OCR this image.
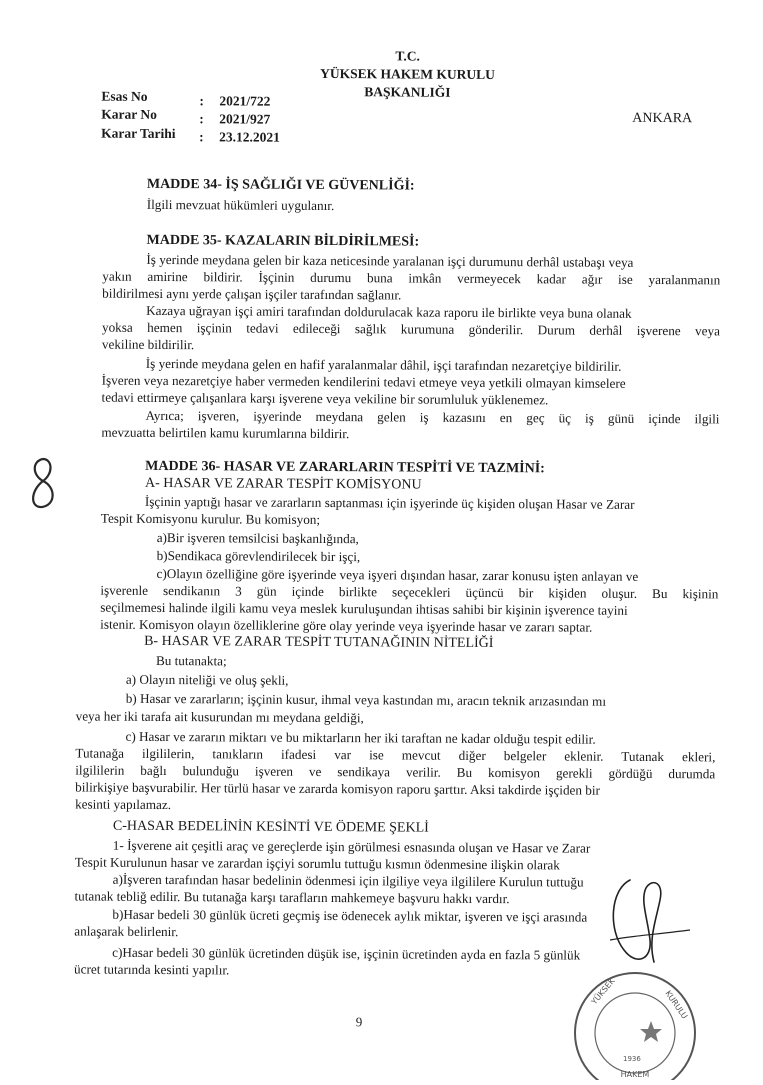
T.C.
YÜKSEK HAKEM KURULU
BAŞKANLIĞI
Esas No	: 2021/722
Karar No	: 2021/927
Karar Tarihi : 23.12.2021
ANKARA
MADDE 34- İŞ SAĞLIĞI VE GÜVENLİĞİ:
İlgili mevzuat hükümleri uygulanır.
MADDE 35- KAZALARIN BİLDİRİLMESİ:
İş yerinde meydana gelen bir kaza neticesinde yaralanan işçi durumunu derhâl ustabaşı veya
yakın amirine bildirir. İşçinin durumu buna imkân vermeyecek kadar ağır ise yaralanmanın
bildirilmesi aynı yerde çalışan işçiler tarafından sağlanır.
Kazaya uğrayan işçi amiri tarafından doldurulacak kaza raporu ile birlikte veya buna olanak
yoksa hemen işçinin tedavi edileceği sağlık kurumuna gönderilir. Durum derhâl işverene veya
vekiline bildirilir.
İş yerinde meydana gelen en hafif yaralanmalar dâhil, işçi tarafından nezaretçiye bildirilir.
İşveren veya nezaretçiye haber vermeden kendilerini tedavi etmeye veya yetkili olmayan kimselere
tedavi ettirmeye çalışanlara karşı işverene veya vekiline bir sorumluluk yüklenemez.
Ayrıca; işveren, işyerinde meydana gelen iş kazasını en geç üç iş günü içinde ilgili
mevzuatta belirtilen kamu kurumlarına bildirir.
MADDE 36- HASAR VE ZARARLARIN TESPİTİ VE TAZMİNİ:
A- HASAR VE ZARAR TESPİT KOMİSYONU
İşçinin yaptığı hasar ve zararların saptanması için işyerinde üç kişiden oluşan Hasar ve Zarar
Tespit Komisyonu kurulur. Bu komisyon;
a)Bir işveren temsilcisi başkanlığında,
b)Sendikaca görevlendirilecek bir işçi,
c)Olayın özelliğine göre işyerinde veya işyeri dışından hasar, zarar konusu işten anlayan ve
işverenle sendikanın 3 gün içinde birlikte seçecekleri üçüncü bir kişiden oluşur. Bu kişinin
seçilmemesi halinde ilgili kamu veya meslek kuruluşundan ihtisas sahibi bir kişinin işverence tayini
istenir. Komisyon olayın özelliklerine göre olay yerinde veya işyerinde hasar ve zararı saptar.
B- HASAR VE ZARAR TESPİT TUTANAĞININ NİTELİĞİ
Bu tutanakta;
a) Olayın niteliği ve oluş şekli,
b) Hasar ve zararların; işçinin kusur, ihmal veya kastından mı, aracın teknik arızasından mı
veya her iki tarafa ait kusurundan mı meydana geldiği,
c) Hasar ve zararın miktarı ve bu miktarların her iki taraftan ne kadar olduğu tespit edilir.
Tutanağa ilgililerin, tanıkların ifadesi var ise mevcut diğer belgeler eklenir. Tutanak ekleri,
ilgililerin bağlı bulunduğu işveren ve sendikaya verilir. Bu komisyon gerekli gördüğü durumda
bilirkişiye başvurabilir. Her türlü hasar ve zararda komisyon raporu şarttır. Aksi takdirde işçiden bir
kesinti yapılamaz.
C-HASAR BEDELİNİN KESİNTİ VE ÖDEME ŞEKLİ
1- İşverene ait çeşitli araç ve gereçlerde işin görülmesi esnasında oluşan ve Hasar ve Zarar
Tespit Kurulunun hasar ve zarardan işçiyi sorumlu tuttuğu kısmın ödenmesine ilişkin olarak
a)İşveren tarafından hasar bedelinin ödenmesi için ilgiliye veya ilgililere Kurulun tuttuğu
tutanak tebliğ edilir. Bu tutanağa karşı tarafların mahkemeye başvuru hakkı vardır.
b)Hasar bedeli 30 günlük ücreti geçmiş ise ödenecek aylık miktar, işveren ve işçi arasında
anlaşarak belirlenir.
c)Hasar bedeli 30 günlük ücretinden düşük ise, işçinin ücretinden ayda en fazla 5 günlük
ücret tutarında kesinti yapılır.
9
YÜKSEK	KURULU
1936
HAKEM
